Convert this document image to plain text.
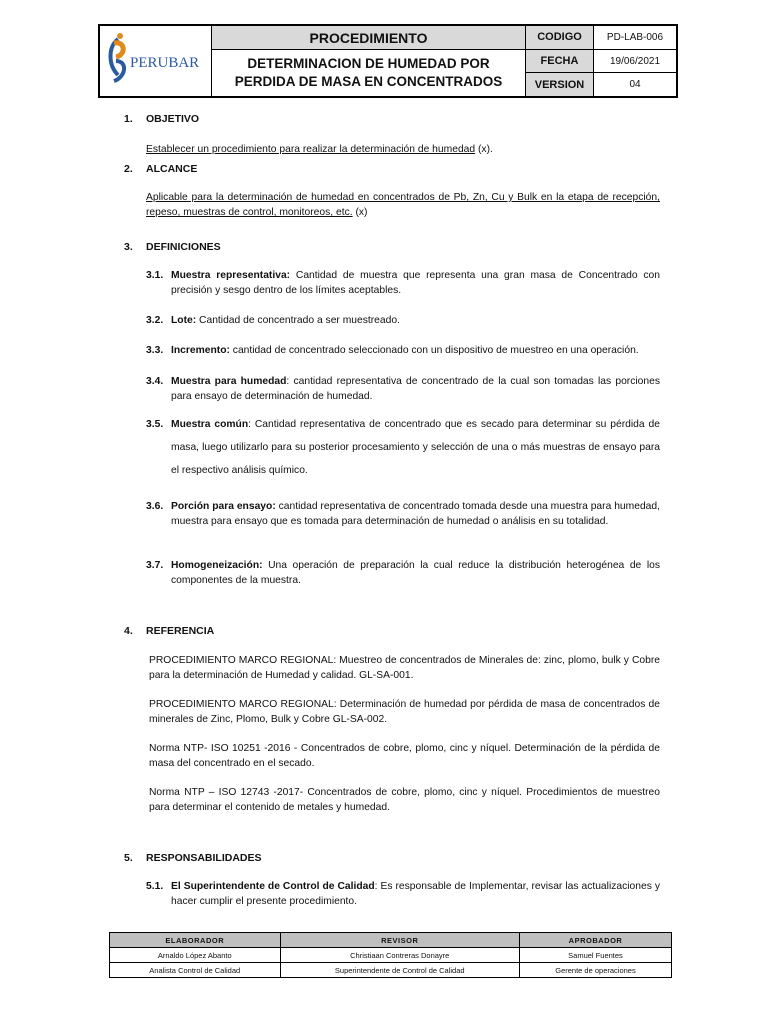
PERUBAR
PROCEDIMIENTO
DETERMINACION DE HUMEDAD POR PERDIDA DE MASA EN CONCENTRADOS
CODIGO	PD-LAB-006
FECHA	19/06/2021
VERSION	04
1. OBJETIVO
Establecer un procedimiento para realizar la determinación de humedad (x).
2. ALCANCE
Aplicable para la determinación de humedad en concentrados de Pb, Zn, Cu y Bulk en la etapa de recepción, repeso, muestras de control, monitoreos, etc. (x)
3. DEFINICIONES
3.1. Muestra representativa: Cantidad de muestra que representa una gran masa de Concentrado con precisión y sesgo dentro de los límites aceptables.
3.2. Lote: Cantidad de concentrado a ser muestreado.
3.3. Incremento: cantidad de concentrado seleccionado con un dispositivo de muestreo en una operación.
3.4. Muestra para humedad: cantidad representativa de concentrado de la cual son tomadas las porciones para ensayo de determinación de humedad.
3.5. Muestra común: Cantidad representativa de concentrado que es secado para determinar su pérdida de masa, luego utilizarlo para su posterior procesamiento y selección de una o más muestras de ensayo para el respectivo análisis químico.
3.6. Porción para ensayo: cantidad representativa de concentrado tomada desde una muestra para humedad, muestra para ensayo que es tomada para determinación de humedad o análisis en su totalidad.
3.7. Homogeneización: Una operación de preparación la cual reduce la distribución heterogénea de los componentes de la muestra.
4. REFERENCIA
PROCEDIMIENTO MARCO REGIONAL: Muestreo de concentrados de Minerales de: zinc, plomo, bulk y Cobre para la determinación de Humedad y calidad. GL-SA-001.
PROCEDIMIENTO MARCO REGIONAL: Determinación de humedad por pérdida de masa de concentrados de minerales de Zinc, Plomo, Bulk y Cobre GL-SA-002.
Norma NTP- ISO 10251 -2016 - Concentrados de cobre, plomo, cinc y níquel. Determinación de la pérdida de masa del concentrado en el secado.
Norma NTP – ISO 12743 -2017- Concentrados de cobre, plomo, cinc y níquel. Procedimientos de muestreo para determinar el contenido de metales y humedad.
5. RESPONSABILIDADES
5.1. El Superintendente de Control de Calidad: Es responsable de Implementar, revisar las actualizaciones y hacer cumplir el presente procedimiento.
ELABORADOR	REVISOR	APROBADOR
Arnaldo López Abanto	Christiaan Contreras Donayre	Samuel Fuentes
Analista Control de Calidad	Superintendente de Control de Calidad	Gerente de operaciones
